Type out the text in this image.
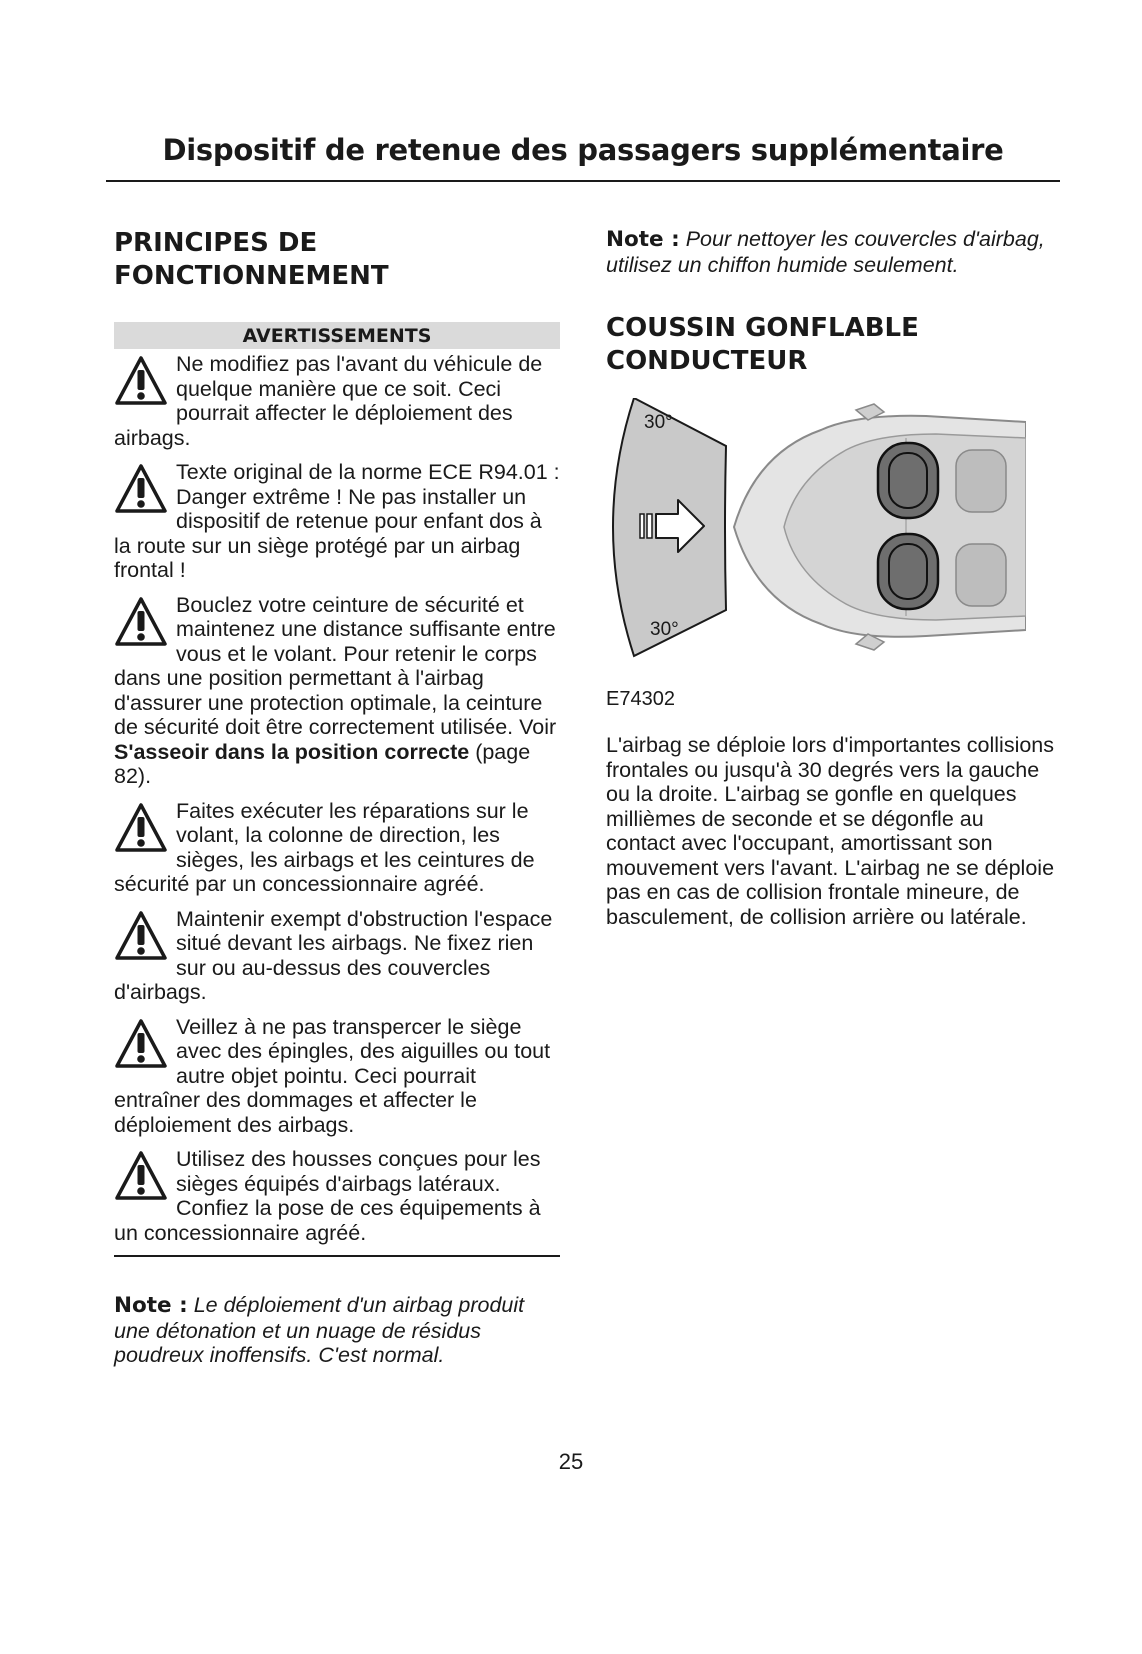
Dispositif de retenue des passagers supplémentaire
PRINCIPES DE
FONCTIONNEMENT
AVERTISSEMENTS
Ne modifiez pas l'avant du véhicule de quelque manière que ce soit. Ceci pourrait affecter le déploiement des airbags.
Texte original de la norme ECE R94.01 : Danger extrême ! Ne pas installer un dispositif de retenue pour enfant dos à la route sur un siège protégé par un airbag frontal !
Bouclez votre ceinture de sécurité et maintenez une distance suffisante entre vous et le volant. Pour retenir le corps dans une position permettant à l'airbag d'assurer une protection optimale, la ceinture de sécurité doit être correctement utilisée. Voir S'asseoir dans la position correcte (page 82).
Faites exécuter les réparations sur le volant, la colonne de direction, les sièges, les airbags et les ceintures de sécurité par un concessionnaire agréé.
Maintenir exempt d'obstruction l'espace situé devant les airbags. Ne fixez rien sur ou au-dessus des couvercles d'airbags.
Veillez à ne pas transpercer le siège avec des épingles, des aiguilles ou tout autre objet pointu. Ceci pourrait entraîner des dommages et affecter le déploiement des airbags.
Utilisez des housses conçues pour les sièges équipés d'airbags latéraux. Confiez la pose de ces équipements à un concessionnaire agréé.
Note : Le déploiement d'un airbag produit une détonation et un nuage de résidus poudreux inoffensifs. C'est normal.
Note : Pour nettoyer les couvercles d'airbag, utilisez un chiffon humide seulement.
COUSSIN GONFLABLE
CONDUCTEUR
30°
30°
E74302
L'airbag se déploie lors d'importantes collisions frontales ou jusqu'à 30 degrés vers la gauche ou la droite. L'airbag se gonfle en quelques millièmes de seconde et se dégonfle au contact avec l'occupant, amortissant son mouvement vers l'avant. L'airbag ne se déploie pas en cas de collision frontale mineure, de basculement, de collision arrière ou latérale.
25
